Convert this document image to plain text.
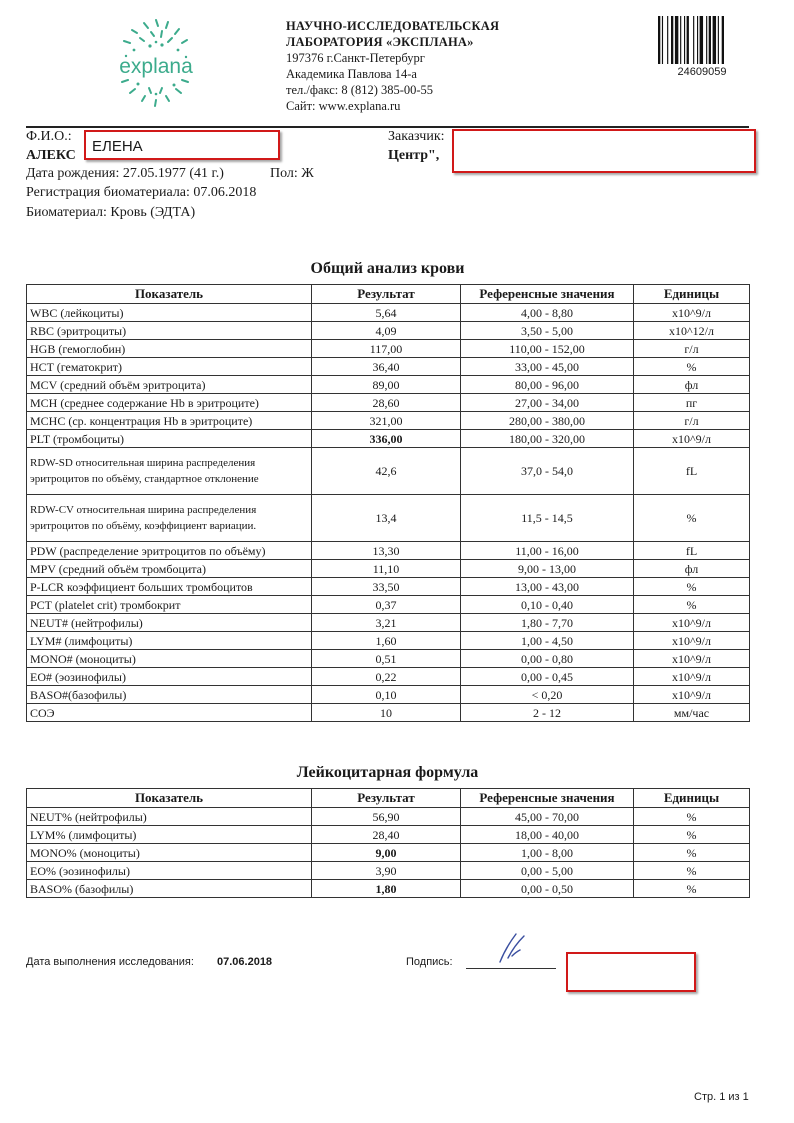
explana
НАУЧНО-ИССЛЕДОВАТЕЛЬСКАЯ
ЛАБОРАТОРИЯ «ЭКСПЛАНА»
197376 г.Санкт-Петербург
Академика Павлова 14-а
тел./факс: 8 (812) 385-00-55
Сайт: www.explana.ru
24609059
Ф.И.О.:
АЛЕКС
ЕЛЕНА
Дата рождения: 27.05.1977 (41 г.)	Пол: Ж
Регистрация биоматериала: 07.06.2018
Биоматериал: Кровь (ЭДТА)
Заказчик:
Центр",
Общий анализ крови
Показатель	Результат	Референсные значения	Единицы
WBC (лейкоциты)	5,64	4,00 - 8,80	x10^9/л
RBC (эритроциты)	4,09	3,50 - 5,00	x10^12/л
HGB (гемоглобин)	117,00	110,00 - 152,00	г/л
HCT (гематокрит)	36,40	33,00 - 45,00	%
MCV (средний объём эритроцита)	89,00	80,00 - 96,00	фл
MCH (среднее содержание Hb в эритроците)	28,60	27,00 - 34,00	пг
MCHC (ср. концентрация Hb в эритроците)	321,00	280,00 - 380,00	г/л
PLT (тромбоциты)	336,00	180,00 - 320,00	x10^9/л
RDW-SD относительная ширина распределения эритроцитов по объёму, стандартное отклонение	42,6	37,0 - 54,0	fL
RDW-CV относительная ширина распределения эритроцитов по объёму, коэффициент вариации.	13,4	11,5 - 14,5	%
PDW (распределение эритроцитов по объёму)	13,30	11,00 - 16,00	fL
MPV (средний объём тромбоцита)	11,10	9,00 - 13,00	фл
P-LCR коэффициент больших тромбоцитов	33,50	13,00 - 43,00	%
PCT (platelet crit) тромбокрит	0,37	0,10 - 0,40	%
NEUT# (нейтрофилы)	3,21	1,80 - 7,70	x10^9/л
LYM# (лимфоциты)	1,60	1,00 - 4,50	x10^9/л
MONO# (моноциты)	0,51	0,00 - 0,80	x10^9/л
EO# (эозинофилы)	0,22	0,00 - 0,45	x10^9/л
BASO#(базофилы)	0,10	< 0,20	x10^9/л
СОЭ	10	2 - 12	мм/час
Лейкоцитарная формула
Показатель	Результат	Референсные значения	Единицы
NEUT% (нейтрофилы)	56,90	45,00 - 70,00	%
LYM% (лимфоциты)	28,40	18,00 - 40,00	%
MONO% (моноциты)	9,00	1,00 - 8,00	%
EO% (эозинофилы)	3,90	0,00 - 5,00	%
BASO% (базофилы)	1,80	0,00 - 0,50	%
Дата выполнения исследования: 07.06.2018	Подпись:
Стр. 1 из 1
